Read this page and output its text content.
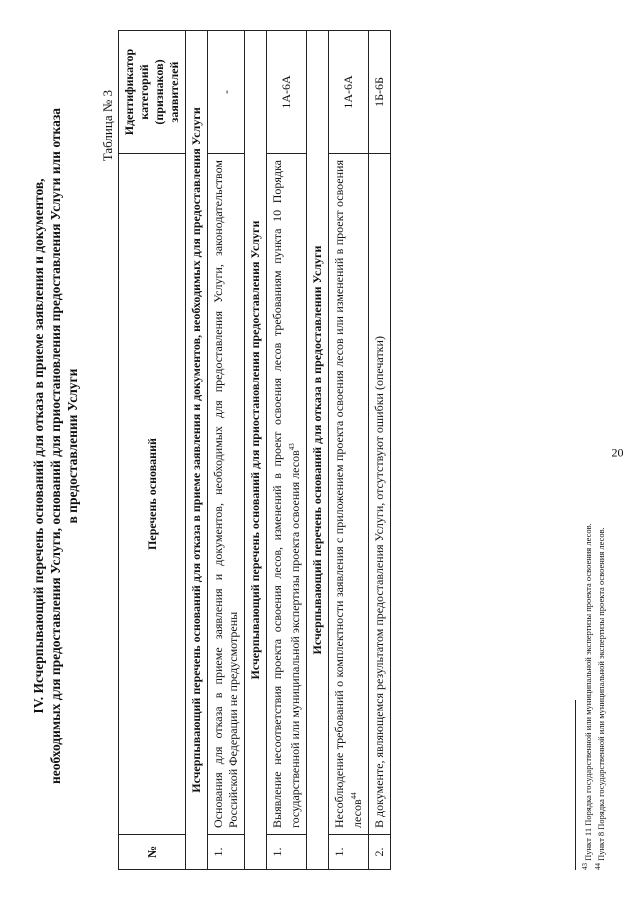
IV. Исчерпывающий перечень оснований для отказа в приеме заявления и документов, необходимых для предоставления Услуги, оснований для приостановления предоставления Услуги или отказа в предоставлении Услуги
Таблица № 3
№	Перечень оснований	Идентификатор категорий (признаков) заявителей
Исчерпывающий перечень оснований для отказа в приеме заявления и документов, необходимых для предоставления Услуги		
1.	Основания для отказа в приеме заявления и документов, необходимых для предоставления Услуги, законодательством Российской Федерации не предусмотрены	-
Исчерпывающий перечень оснований для приостановления предоставления Услуги		
1.	Выявление несоответствия проекта освоения лесов, изменений в проект освоения лесов требованиям пункта 10 Порядка государственной или муниципальной экспертизы проекта освоения лесов$^{43}$	1А-6А
Исчерпывающий перечень оснований для отказа в предоставлении Услуги		
1.	Несоблюдение требований о комплектности заявления с приложением проекта освоения лесов или изменений в проект освоения лесов$^{44}$	1А-6А
2.	В документе, являющемся результатом предоставления Услуги, отсутствуют ошибки (опечатки)	1Б-6Б
$^{43}$ Пункт 11 Порядка государственной или муниципальной экспертизы проекта освоения лесов.
$^{44}$ Пункт 8 Порядка государственной или муниципальной экспертизы проекта освоения лесов.
20
